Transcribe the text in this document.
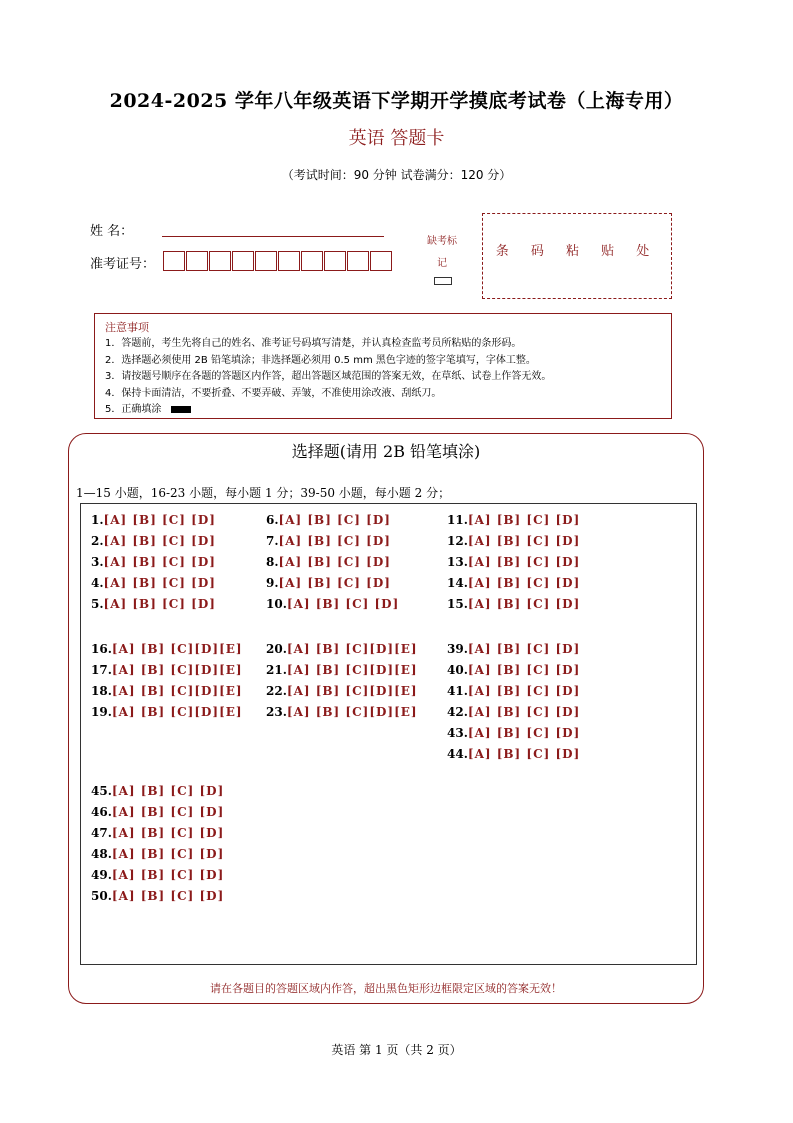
2024-2025 学年八年级英语下学期开学摸底考试卷（上海专用）
英语 答题卡
（考试时间：90 分钟 试卷满分：120 分）
姓 名：
准考证号：
缺考标记
条 码 粘 贴 处
注意事项
1．答题前，考生先将自己的姓名、准考证号码填写清楚，并认真检查监考员所粘贴的条形码。
2．选择题必须使用 2B 铅笔填涂；非选择题必须用 0.5 mm 黑色字迹的签字笔填写，字体工整。
3．请按题号顺序在各题的答题区内作答，超出答题区域范围的答案无效，在草纸、试卷上作答无效。
4．保持卡面清洁，不要折叠、不要弄破、弄皱，不准使用涂改液、刮纸刀。
5．正确填涂
选择题(请用 2B 铅笔填涂)
1—15 小题，16-23 小题，每小题 1 分；39-50 小题，每小题 2 分；
1.[A] [B] [C] [D]
2.[A] [B] [C] [D]
3.[A] [B] [C] [D]
4.[A] [B] [C] [D]
5.[A] [B] [C] [D]
6.[A] [B] [C] [D]
7.[A] [B] [C] [D]
8.[A] [B] [C] [D]
9.[A] [B] [C] [D]
10.[A] [B] [C] [D]
11.[A] [B] [C] [D]
12.[A] [B] [C] [D]
13.[A] [B] [C] [D]
14.[A] [B] [C] [D]
15.[A] [B] [C] [D]
16.[A] [B] [C][D][E]
17.[A] [B] [C][D][E]
18.[A] [B] [C][D][E]
19.[A] [B] [C][D][E]
20.[A] [B] [C][D][E]
21.[A] [B] [C][D][E]
22.[A] [B] [C][D][E]
23.[A] [B] [C][D][E]
39.[A] [B] [C] [D]
40.[A] [B] [C] [D]
41.[A] [B] [C] [D]
42.[A] [B] [C] [D]
43.[A] [B] [C] [D]
44.[A] [B] [C] [D]
45.[A] [B] [C] [D]
46.[A] [B] [C] [D]
47.[A] [B] [C] [D]
48.[A] [B] [C] [D]
49.[A] [B] [C] [D]
50.[A] [B] [C] [D]
请在各题目的答题区域内作答，超出黑色矩形边框限定区域的答案无效！
英语 第 1 页（共 2 页）
